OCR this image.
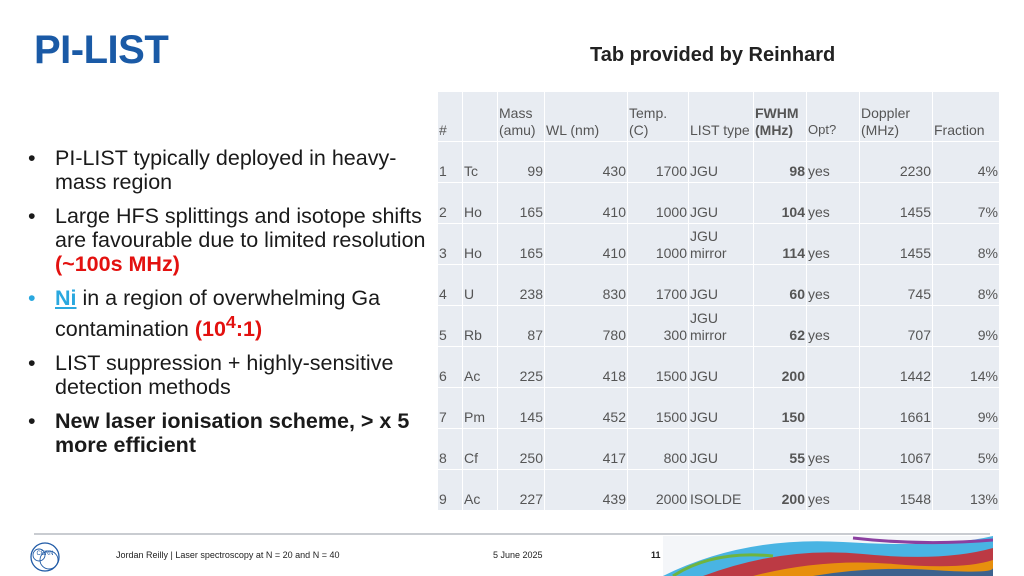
PI-LIST	Tab provided by Reinhard
• PI-LIST typically deployed in heavy-mass region
• Large HFS splittings and isotope shifts are favourable due to limited resolution (~100s MHz)
• Ni in a region of overwhelming Ga contamination $(10^4:1)$
• LIST suppression + highly-sensitive detection methods
• New laser ionisation scheme, > x 5 more efficient
#		Mass (amu)	WL (nm)	Temp. (C)	LIST type	FWHM (MHz)	Opt?	Doppler (MHz)	Fraction
1	Tc	99	430	1700	JGU	98	yes	2230	4%
2	Ho	165	410	1000	JGU	104	yes	1455	7%
3	Ho	165	410	1000	JGU mirror	114	yes	1455	8%
4	U	238	830	1700	JGU	60	yes	745	8%
5	Rb	87	780	300	JGU mirror	62	yes	707	9%
6	Ac	225	418	1500	JGU	200		1442	14%
7	Pm	145	452	1500	JGU	150		1661	9%
8	Cf	250	417	800	JGU	55	yes	1067	5%
9	Ac	227	439	2000	ISOLDE	200	yes	1548	13%
CERN	Jordan Reilly | Laser spectroscopy at N = 20 and N = 40	5 June 2025	11
